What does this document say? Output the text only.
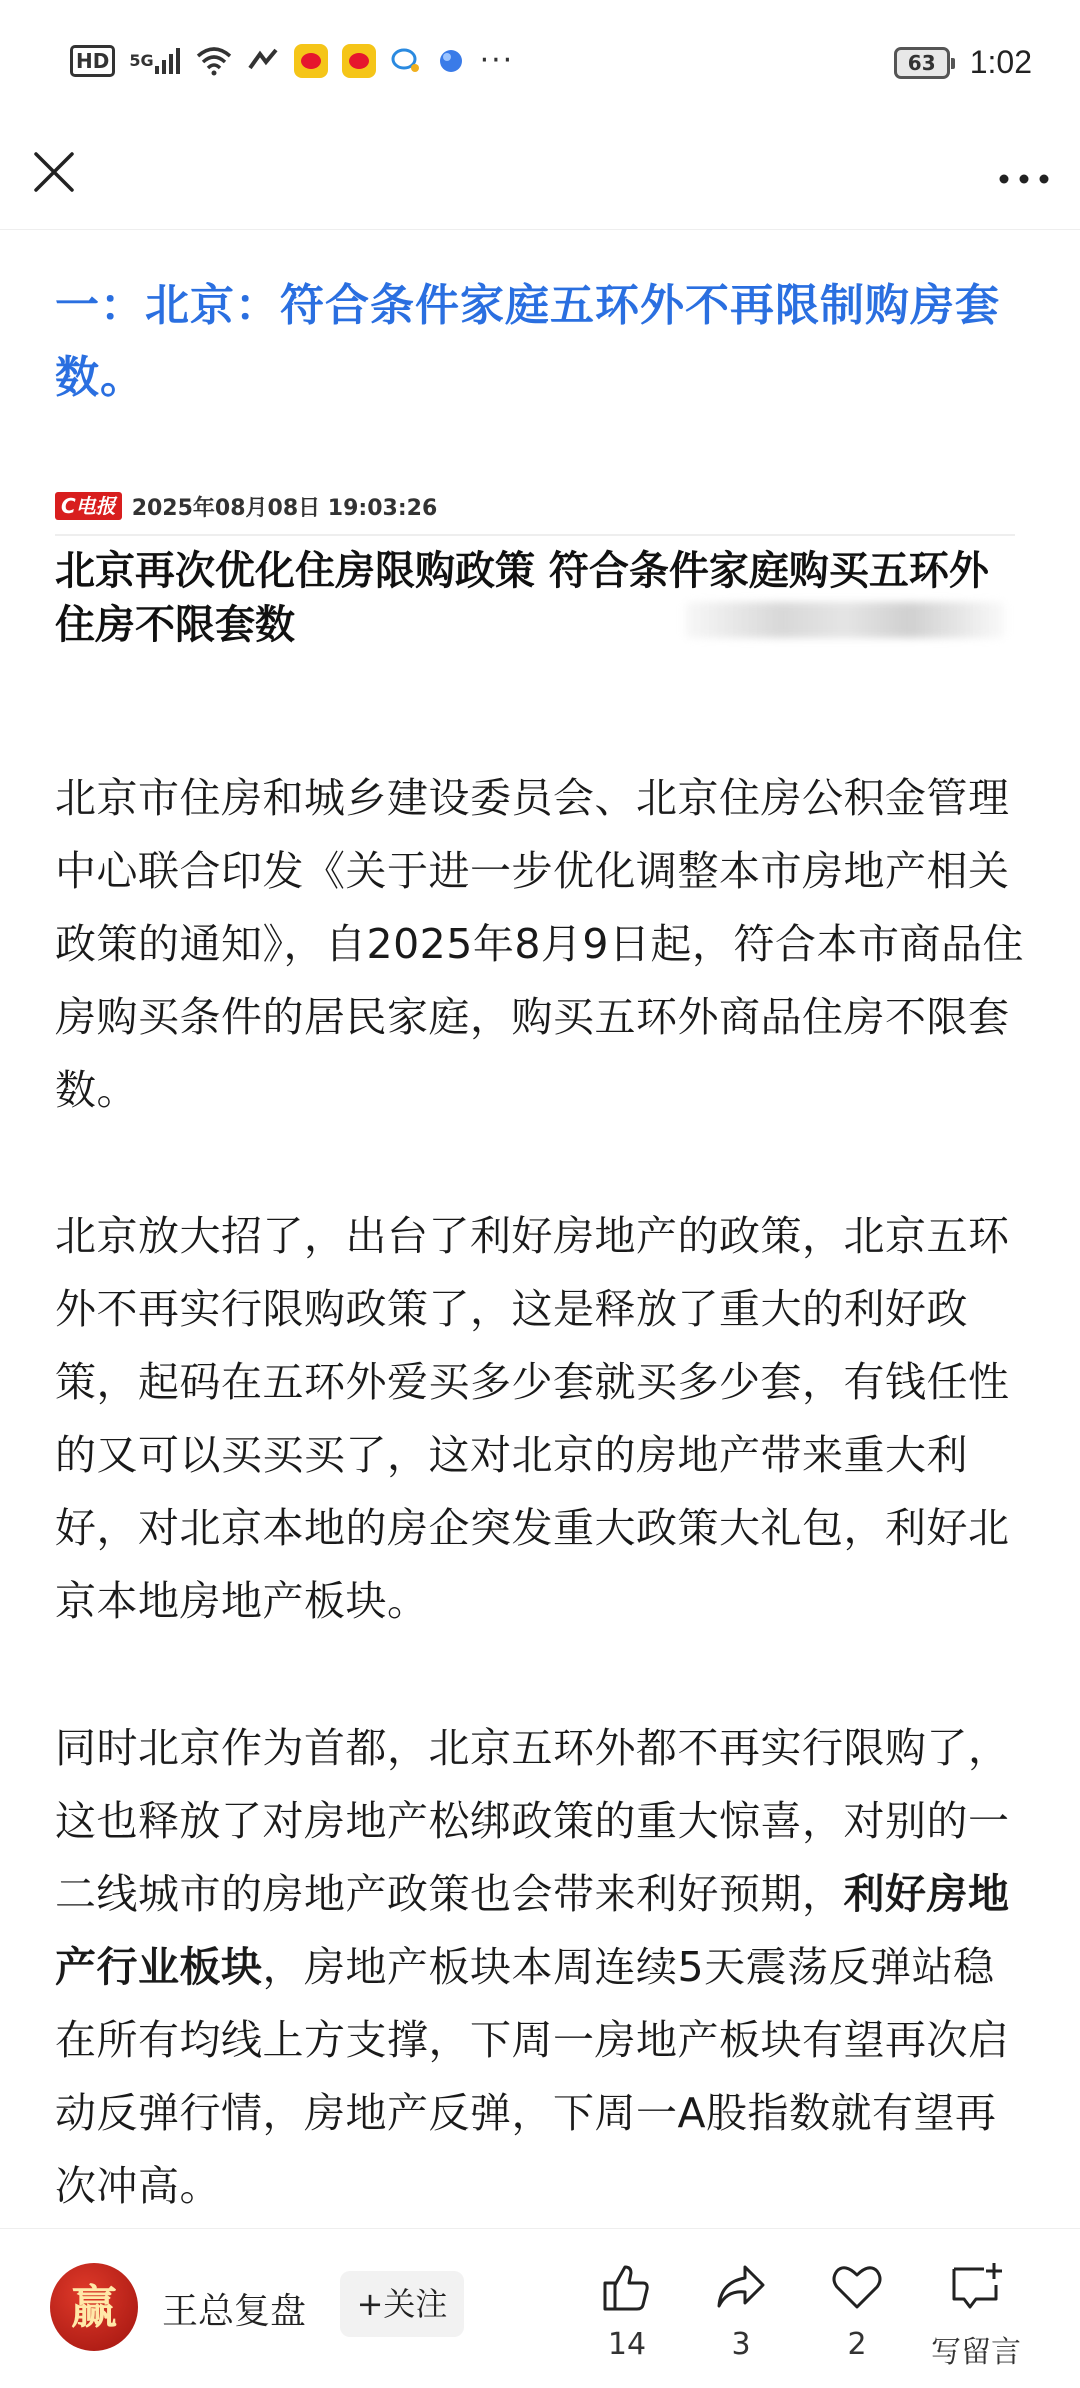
HD	5G	···	63	1:02
一：北京：符合条件家庭五环外不再限制购房套数。
C电报 2025年08月08日 19:03:26
北京再次优化住房限购政策 符合条件家庭购买五环外住房不限套数
北京市住房和城乡建设委员会、北京住房公积金管理中心联合印发《关于进一步优化调整本市房地产相关政策的通知》，自2025年8月9日起，符合本市商品住房购买条件的居民家庭，购买五环外商品住房不限套数。
北京放大招了，出台了利好房地产的政策，北京五环外不再实行限购政策了，这是释放了重大的利好政策，起码在五环外爱买多少套就买多少套，有钱任性的又可以买买买了，这对北京的房地产带来重大利好，对北京本地的房企突发重大政策大礼包，利好北京本地房地产板块。
同时北京作为首都，北京五环外都不再实行限购了，这也释放了对房地产松绑政策的重大惊喜，对别的一二线城市的房地产政策也会带来利好预期，利好房地产行业板块，房地产板块本周连续5天震荡反弹站稳在所有均线上方支撑，下周一房地产板块有望再次启动反弹行情，房地产反弹，下周一A股指数就有望再次冲高。
赢	王总复盘	+关注
14	3	2	写留言
